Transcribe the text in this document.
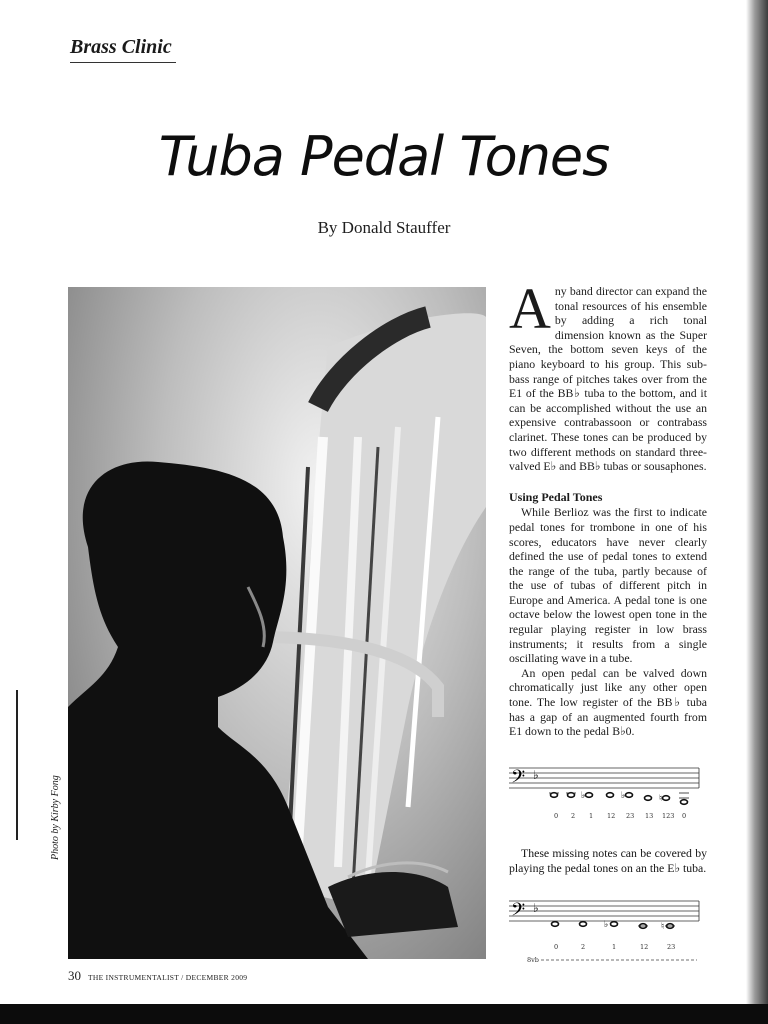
Brass Clinic
Tuba Pedal Tones
By Donald Stauffer
Photo by Kirby Fong

Any band director can expand the tonal resources of his ensemble by adding a rich tonal dimension known as the Super Seven, the bottom seven keys of the piano keyboard to his group. This sub-bass range of pitches takes over from the E1 of the BB♭ tuba to the bottom, and it can be accomplished without the use an expensive contrabassoon or contrabass clarinet. These tones can be produced by two different methods on standard three-valved E♭ and BB♭ tubas or sousaphones.

Using Pedal Tones

While Berlioz was the first to indicate pedal tones for trombone in one of his scores, educators have never clearly defined the use of pedal tones to extend the range of the tuba, partly because of the use of tubas of different pitch in Europe and America. A pedal tone is one octave below the lowest open tone in the regular playing register in low brass instruments; it results from a single oscillating wave in a tube.

An open pedal can be valved down chromatically just like any other open tone. The low register of the BB♭ tuba has a gap of an augmented fourth from E1 down to the pedal B♭0.

𝄢 ♭
♭	♭	♮
0 2 1 12 23 13 123 0
These missing notes can be covered by playing the pedal tones on an the E♭ tuba.
𝄢 ♭
♭	♮
0	2	1	12	23
8vb
30 THE INSTRUMENTALIST / DECEMBER 2009
